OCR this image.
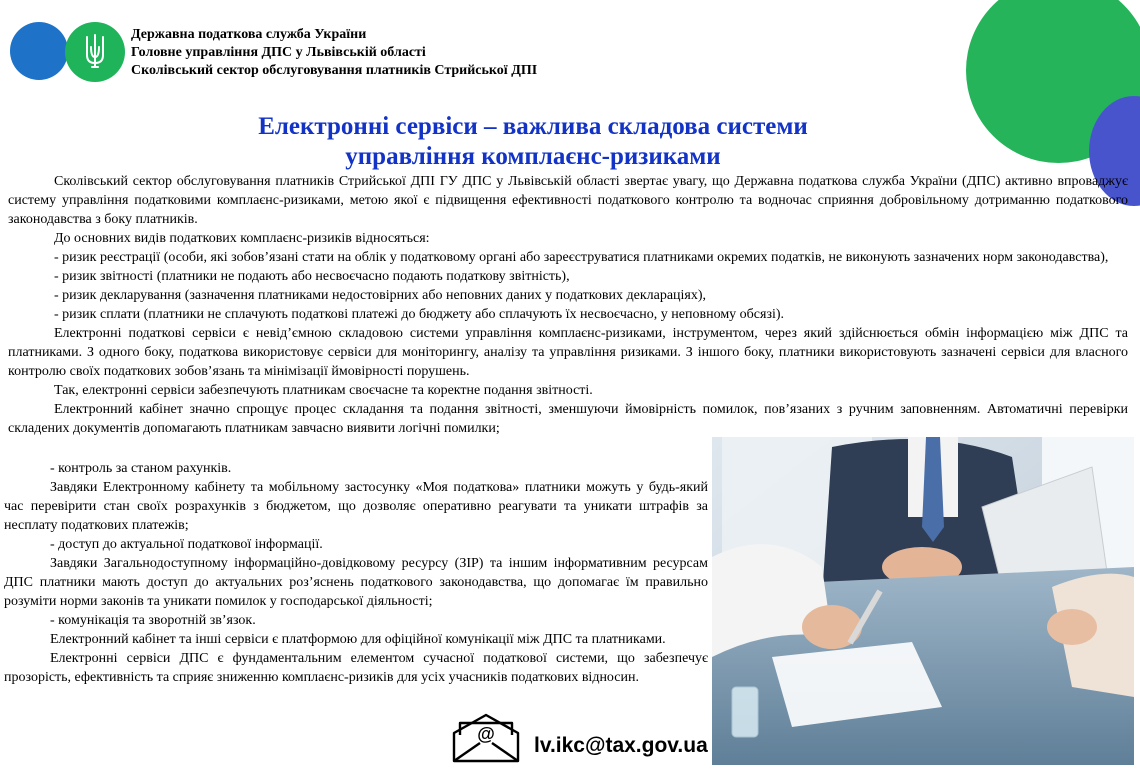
Державна податкова служба України
Головне управління ДПС у Львівській області
Сколівський сектор обслуговування платників Стрийської ДПІ
Електронні сервіси – важлива складова системи
управління комплаєнс-ризиками

Сколівський сектор обслуговування платників Стрийської ДПІ ГУ ДПС у Львівській області звертає увагу, що Державна податкова служба України (ДПС) активно впроваджує систему управління податковими комплаєнс-ризиками, метою якої є підвищення ефективності податкового контролю та водночас сприяння добровільному дотриманню податкового законодавства з боку платників.

До основних видів податкових комплаєнс-ризиків відносяться:

- ризик реєстрації (особи, які зобов’язані стати на облік у податковому органі або зареєструватися платниками окремих податків, не виконують зазначених норм законодавства),

- ризик звітності (платники не подають або несвоєчасно подають податкову звітність),

- ризик декларування (зазначення платниками недостовірних або неповних даних у податкових деклараціях),

- ризик сплати (платники не сплачують податкові платежі до бюджету або сплачують їх несвоєчасно, у неповному обсязі).

Електронні податкові сервіси є невід’ємною складовою системи управління комплаєнс-ризиками, інструментом, через який здійснюється обмін інформацією між ДПС та платниками. З одного боку, податкова використовує сервіси для моніторингу, аналізу та управління ризиками. З іншого боку, платники використовують зазначені сервіси для власного контролю своїх податкових зобов’язань та мінімізації ймовірності порушень.

Так, електронні сервіси забезпечують платникам своєчасне та коректне подання звітності.

Електронний кабінет значно спрощує процес складання та подання звітності, зменшуючи ймовірність помилок, пов’язаних з ручним заповненням. Автоматичні перевірки складених документів допомагають платникам завчасно виявити логічні помилки;

- контроль за станом рахунків.

Завдяки Електронному кабінету та мобільному застосунку «Моя податкова» платники можуть у будь-який час перевірити стан своїх розрахунків з бюджетом, що дозволяє оперативно реагувати та уникати штрафів за несплату податкових платежів;

- доступ до актуальної податкової інформації.

Завдяки Загальнодоступному інформаційно-довідковому ресурсу (ЗІР) та іншим інформативним ресурсам ДПС платники мають доступ до актуальних роз’яснень податкового законодавства, що допомагає їм правильно розуміти норми законів та уникати помилок у господарської діяльності;

- комунікація та зворотній зв’язок.

Електронний кабінет та інші сервіси є платформою для офіційної комунікації між ДПС та платниками.

Електронні сервіси ДПС є фундаментальним елементом сучасної податкової системи, що забезпечує прозорість, ефективність та сприяє зниженню комплаєнс-ризиків для усіх учасників податкових відносин.

@ lv.ikc@tax.gov.ua
